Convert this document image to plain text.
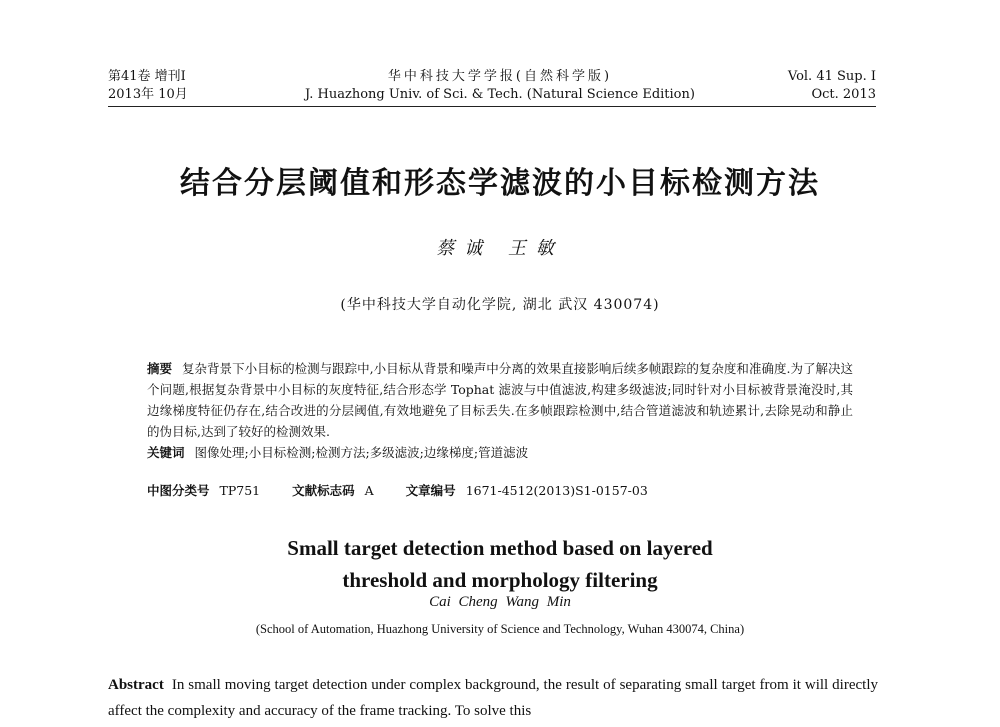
第41卷 增刊Ⅰ
2013年 10月
华中科技大学学报(自然科学版)
J. Huazhong Univ. of Sci. & Tech. (Natural Science Edition)
Vol. 41 Sup. Ⅰ
Oct. 2013
结合分层阈值和形态学滤波的小目标检测方法
蔡诚 王敏
(华中科技大学自动化学院, 湖北 武汉 430074)
摘要 复杂背景下小目标的检测与跟踪中,小目标从背景和噪声中分离的效果直接影响后续多帧跟踪的复杂度和准确度.为了解决这个问题,根据复杂背景中小目标的灰度特征,结合形态学 Tophat 滤波与中值滤波,构建多级滤波;同时针对小目标被背景淹没时,其边缘梯度特征仍存在,结合改进的分层阈值,有效地避免了目标丢失.在多帧跟踪检测中,结合管道滤波和轨迹累计,去除晃动和静止的伪目标,达到了较好的检测效果.
关键词 图像处理;小目标检测;检测方法;多级滤波;边缘梯度;管道滤波
中图分类号 TP751	文献标志码 A	文章编号 1671-4512(2013)S1-0157-03
Small target detection method based on layered
threshold and morphology filtering
Cai Cheng Wang Min
(School of Automation, Huazhong University of Science and Technology, Wuhan 430074, China)
Abstract In small moving target detection under complex background, the result of separating small target from it will directly affect the complexity and accuracy of the frame tracking. To solve this
